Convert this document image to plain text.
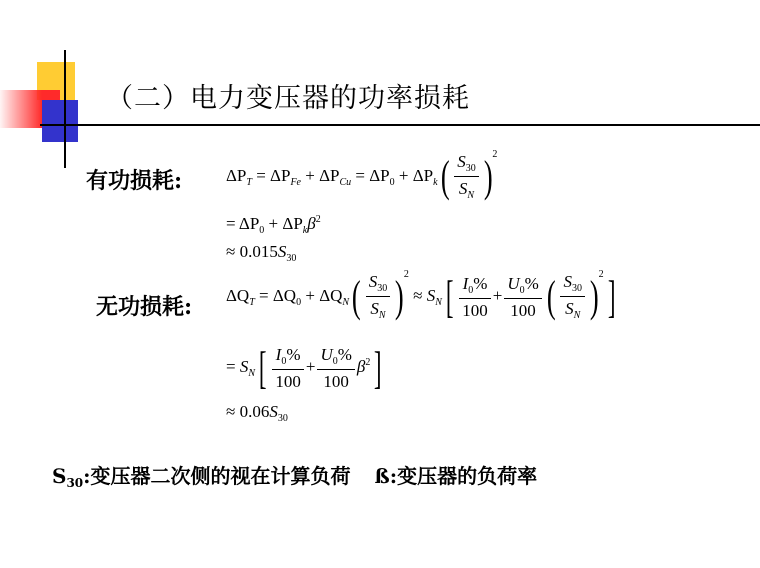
（二）电力变压器的功率损耗
有功损耗:
无功损耗:
$\Delta P_T = \Delta P_{Fe} + \Delta P_{Cu} = \Delta P_0 + \Delta P_k( \frac{S_{30}}{S_N} )2$
= $\Delta P_0 + \Delta P_k\beta^2$
≈ $0.015S_{30}$
$\Delta Q_T = \Delta Q_0 + \Delta Q_N( \frac{S_{30}}{S_N} )2 \approx S_N[ \frac{I_0\%}{100} + \frac{U_0\%}{100}$ ( $\frac{S_{30}}{S_N} )2$]
= $S_N[ \frac{I_0\%}{100} + \frac{U_0\%}{100} \beta^2]$
≈ $0.06S_{30}$
$S_{30}$:变压器二次侧的视在计算负荷 ß:变压器的负荷率
